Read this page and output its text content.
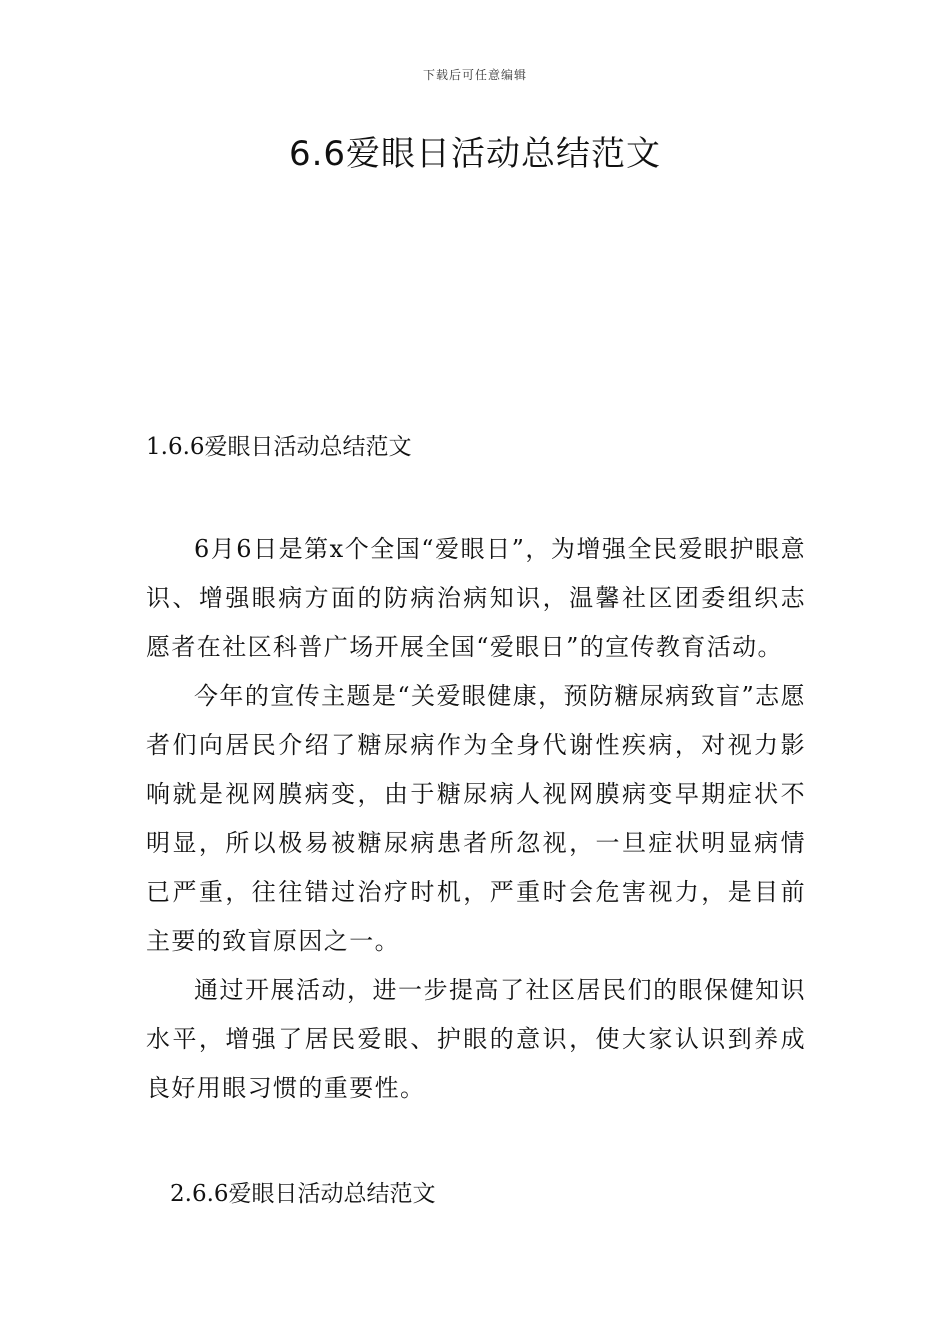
下载后可任意编辑
6.6爱眼日活动总结范文
1.6.6爱眼日活动总结范文

6月6日是第x个全国“爱眼日”，为增强全民爱眼护眼意识、增强眼病方面的防病治病知识，温馨社区团委组织志愿者在社区科普广场开展全国“爱眼日”的宣传教育活动。

今年的宣传主题是“关爱眼健康，预防糖尿病致盲”志愿者们向居民介绍了糖尿病作为全身代谢性疾病，对视力影响就是视网膜病变，由于糖尿病人视网膜病变早期症状不明显，所以极易被糖尿病患者所忽视，一旦症状明显病情已严重，往往错过治疗时机，严重时会危害视力，是目前主要的致盲原因之一。

通过开展活动，进一步提高了社区居民们的眼保健知识水平，增强了居民爱眼、护眼的意识，使大家认识到养成良好用眼习惯的重要性。

2.6.6爱眼日活动总结范文
